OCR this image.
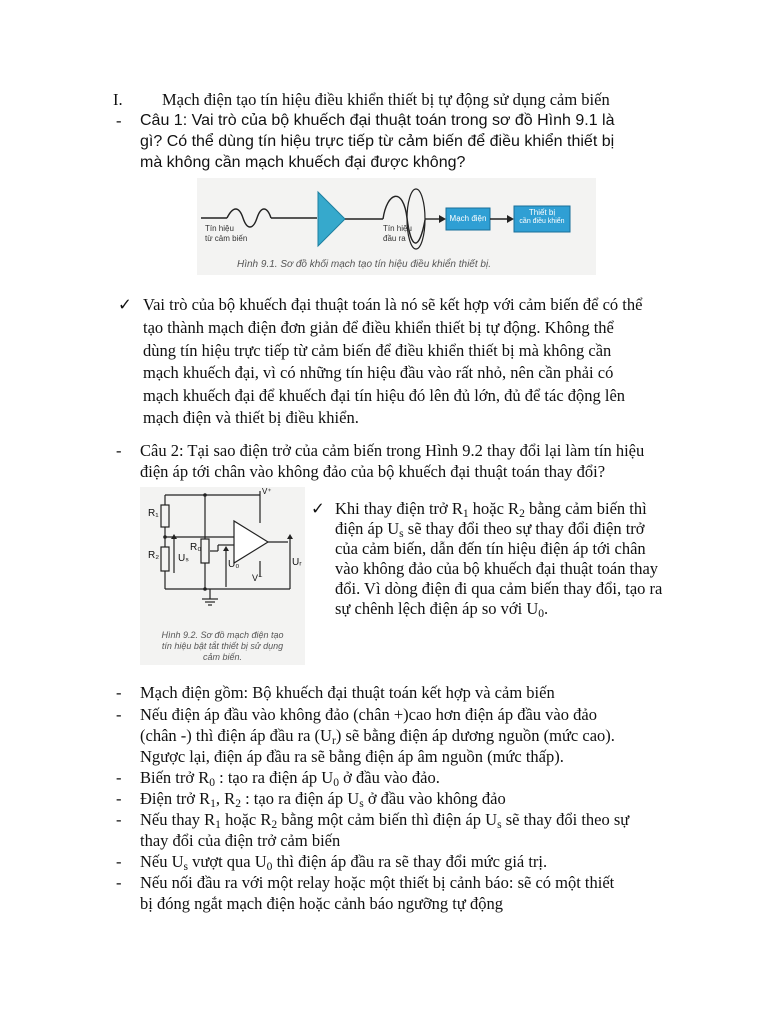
I. Mạch điện tạo tín hiệu điều khiển thiết bị tự động sử dụng cảm biến
- Câu 1: Vai trò của bộ khuếch đại thuật toán trong sơ đồ Hình 9.1 là
gì? Có thể dùng tín hiệu trực tiếp từ cảm biến để điều khiển thiết bị
mà không cần mạch khuếch đại được không?
Tín hiệu
từ cảm biến
Tín hiệu
đầu ra
Mạch điện
Thiết bị
cần điều khiển
Hình 9.1. Sơ đồ khối mạch tạo tín hiệu điều khiển thiết bị.
✓ Vai trò của bộ khuếch đại thuật toán là nó sẽ kết hợp với cảm biến để có thể
tạo thành mạch điện đơn giản để điều khiển thiết bị tự động. Không thể
dùng tín hiệu trực tiếp từ cảm biến để điều khiển thiết bị mà không cần
mạch khuếch đại, vì có những tín hiệu đầu vào rất nhỏ, nên cần phải có
mạch khuếch đại để khuếch đại tín hiệu đó lên đủ lớn, đủ để tác động lên
mạch điện và thiết bị điều khiển.
- Câu 2: Tại sao điện trở của cảm biến trong Hình 9.2 thay đổi lại làm tín hiệu
điện áp tới chân vào không đảo của bộ khuếch đại thuật toán thay đổi?
R₁
R₂ Uₛ
R₀
U₀	Uᵣ
V⁺
V⁻
Hình 9.2. Sơ đồ mạch điện tạo
tín hiệu bật tắt thiết bị sử dụng
cảm biến.
✓ Khi thay điện trở $R_1$ hoặc $R_2$ bằng cảm biến thì
điện áp $U_s$ sẽ thay đổi theo sự thay đổi điện trở
của cảm biến, dẫn đến tín hiệu điện áp tới chân
vào không đảo của bộ khuếch đại thuật toán thay
đổi. Vì dòng điện đi qua cảm biến thay đổi, tạo ra
sự chênh lệch điện áp so với $U_0$.
- Mạch điện gồm: Bộ khuếch đại thuật toán kết hợp và cảm biến
- Nếu điện áp đầu vào không đảo (chân +)cao hơn điện áp đầu vào đảo
(chân -) thì điện áp đầu ra $(U_r)$ sẽ bằng điện áp dương nguồn (mức cao).
Ngược lại, điện áp đầu ra sẽ bằng điện áp âm nguồn (mức thấp).
- Biến trở $R_0$ : tạo ra điện áp $U_0$ ở đầu vào đảo.
- Điện trở $R_1$, $R_2$ : tạo ra điện áp $U_s$ ở đầu vào không đảo
- Nếu thay $R_1$ hoặc $R_2$ bằng một cảm biến thì điện áp $U_s$ sẽ thay đổi theo sự
thay đổi của điện trở cảm biến
- Nếu $U_s$ vượt qua $U_0$ thì điện áp đầu ra sẽ thay đổi mức giá trị.
- Nếu nối đầu ra với một relay hoặc một thiết bị cảnh báo: sẽ có một thiết
bị đóng ngắt mạch điện hoặc cảnh báo ngưỡng tự động
